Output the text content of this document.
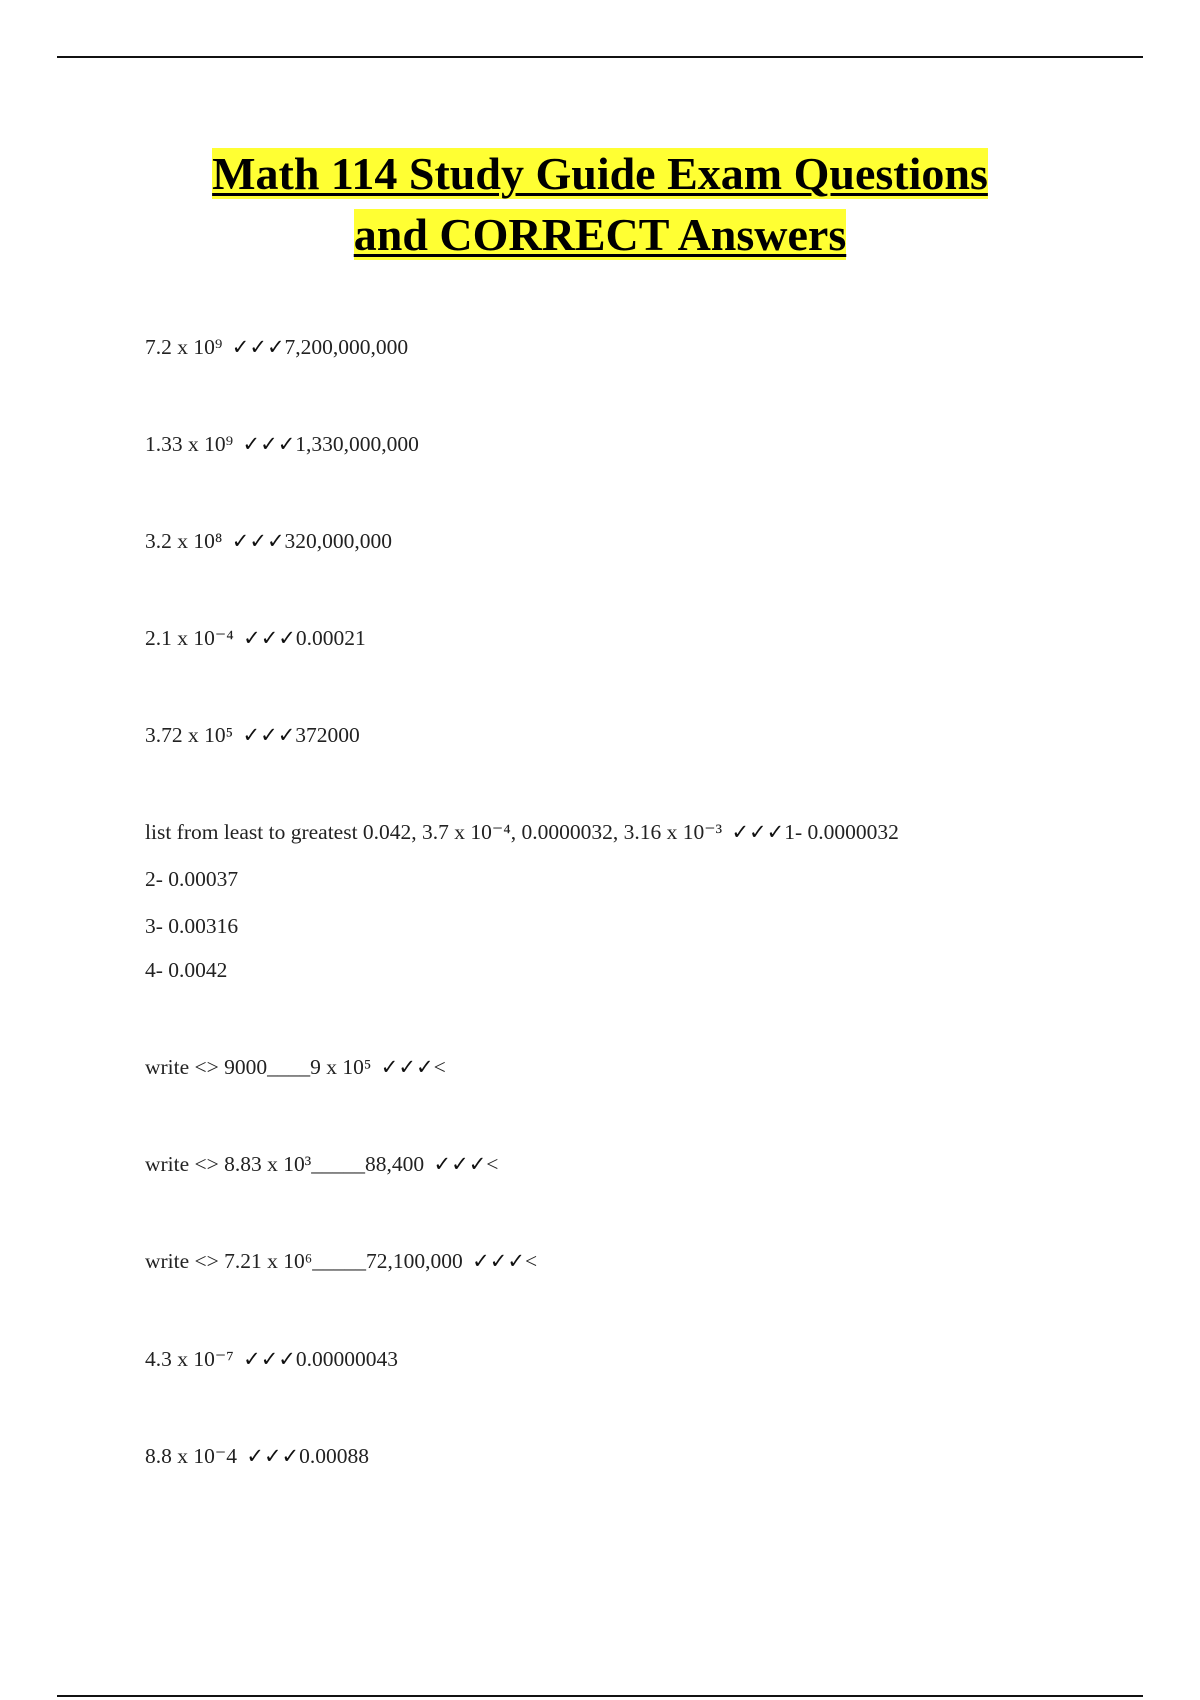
Math 114 Study Guide Exam Questions
and CORRECT Answers
7.2 x 10⁹ ✓✓✓7,200,000,000
1.33 x 10⁹ ✓✓✓1,330,000,000
3.2 x 10⁸ ✓✓✓320,000,000
2.1 x 10⁻⁴ ✓✓✓0.00021
3.72 x 10⁵ ✓✓✓372000
list from least to greatest 0.042, 3.7 x 10⁻⁴, 0.0000032, 3.16 x 10⁻³ ✓✓✓1- 0.0000032
2- 0.00037
3- 0.00316
4- 0.0042
write <> 9000____9 x 10⁵ ✓✓✓<
write <> 8.83 x 10³_____88,400 ✓✓✓<
write <> 7.21 x 10⁶_____72,100,000 ✓✓✓<
4.3 x 10⁻⁷ ✓✓✓0.00000043
8.8 x 10⁻4 ✓✓✓0.00088
